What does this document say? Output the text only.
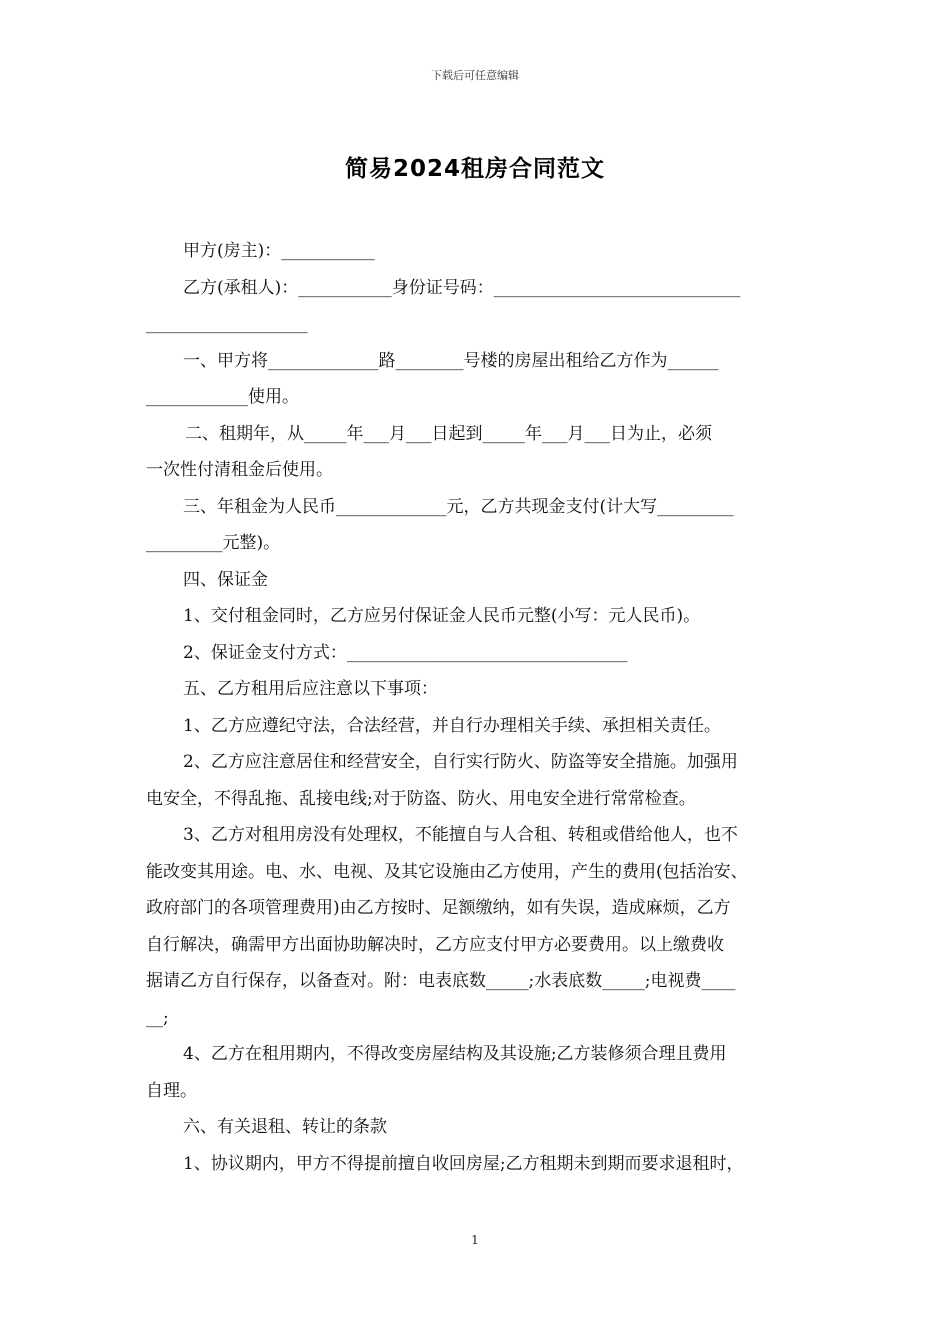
下载后可任意编辑
简易2024租房合同范文
甲方(房主)：___________
乙方(承租人)：___________身份证号码：_____________________________
___________________
一、甲方将_____________路________号楼的房屋出租给乙方作为______
____________使用。
二、租期年，从_____年___月___日起到_____年___月___日为止，必须
一次性付清租金后使用。
三、年租金为人民币_____________元，乙方共现金支付(计大写_________
_________元整)。
四、保证金
1、交付租金同时，乙方应另付保证金人民币元整(小写：元人民币)。
2、保证金支付方式：_________________________________
五、乙方租用后应注意以下事项：
1、乙方应遵纪守法，合法经营，并自行办理相关手续、承担相关责任。
2、乙方应注意居住和经营安全，自行实行防火、防盗等安全措施。加强用
电安全，不得乱拖、乱接电线;对于防盗、防火、用电安全进行常常检查。
3、乙方对租用房没有处理权，不能擅自与人合租、转租或借给他人，也不
能改变其用途。电、水、电视、及其它设施由乙方使用，产生的费用(包括治安、
政府部门的各项管理费用)由乙方按时、足额缴纳，如有失误，造成麻烦，乙方
自行解决，确需甲方出面协助解决时，乙方应支付甲方必要费用。以上缴费收
据请乙方自行保存，以备查对。附：电表底数_____;水表底数_____;电视费____
__;
4、乙方在租用期内，不得改变房屋结构及其设施;乙方装修须合理且费用
自理。
六、有关退租、转让的条款
1、协议期内，甲方不得提前擅自收回房屋;乙方租期未到期而要求退租时，
1
